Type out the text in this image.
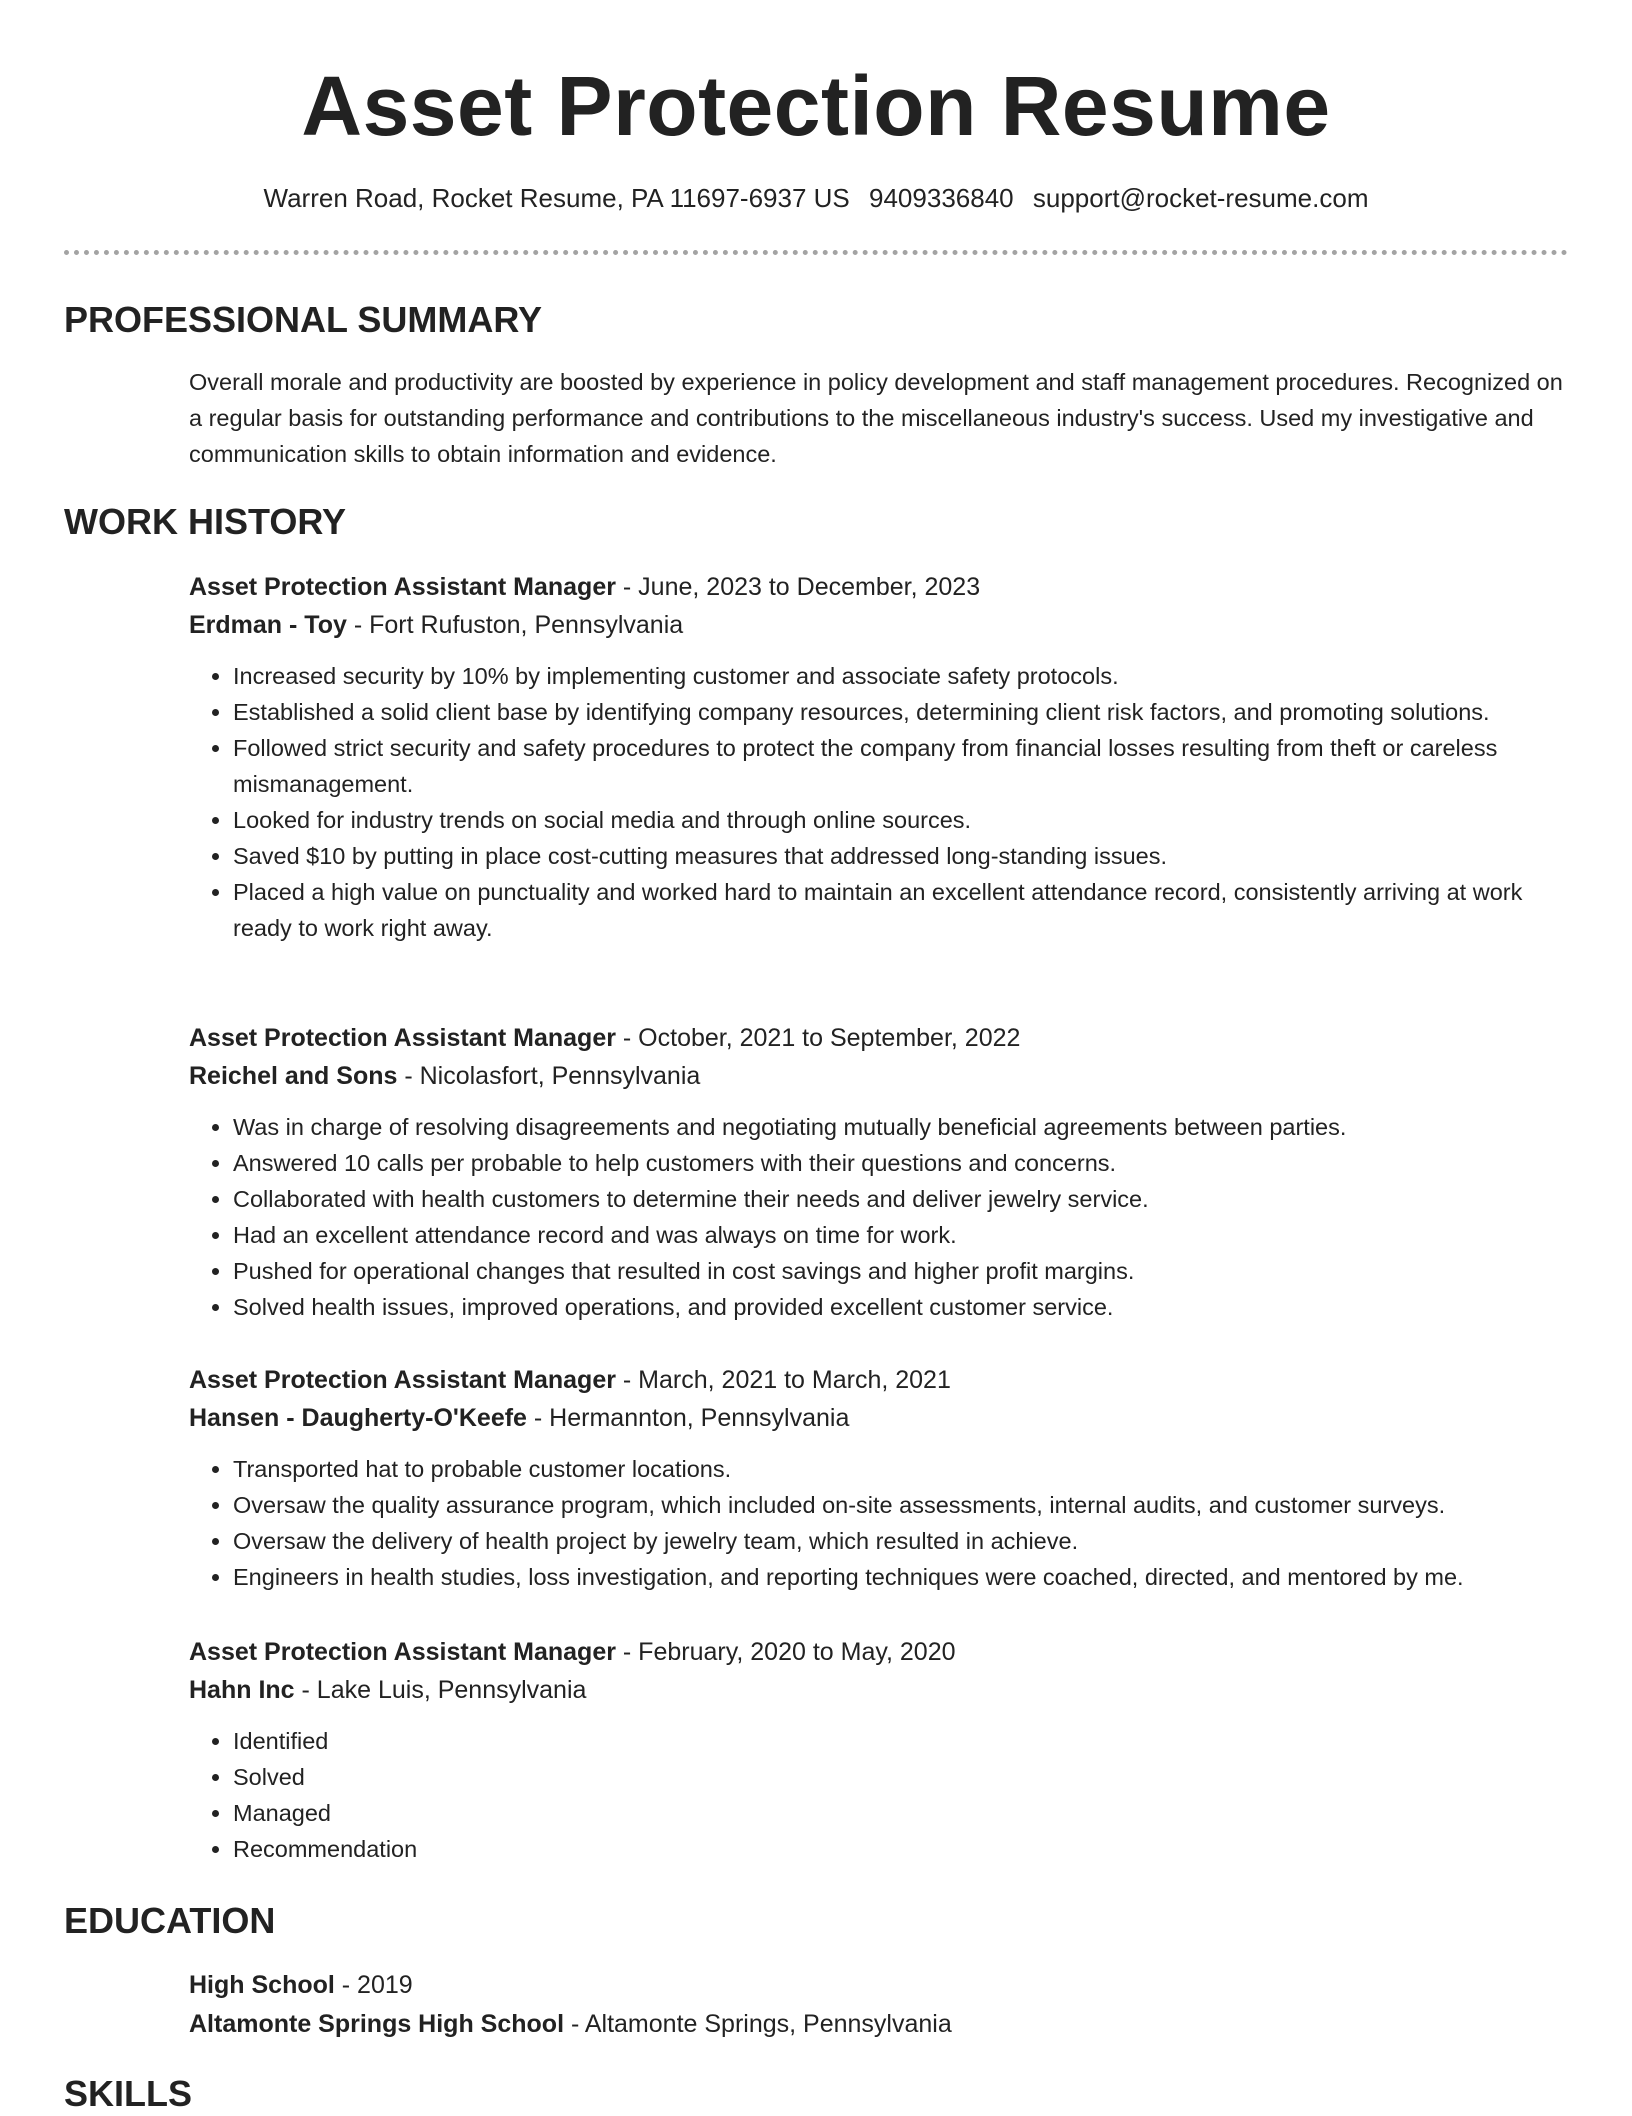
Asset Protection Resume
Warren Road, Rocket Resume, PA 11697-6937 US 9409336840 support@rocket-resume.com
PROFESSIONAL SUMMARY

Overall morale and productivity are boosted by experience in policy development and staff management procedures. Recognized on a regular basis for outstanding performance and contributions to the miscellaneous industry's success. Used my investigative and communication skills to obtain information and evidence.

WORK HISTORY

Asset Protection Assistant Manager - June, 2023 to December, 2023

Erdman - Toy - Fort Rufuston, Pennsylvania

• Increased security by 10% by implementing customer and associate safety protocols.
• Established a solid client base by identifying company resources, determining client risk factors, and promoting solutions.
• Followed strict security and safety procedures to protect the company from financial losses resulting from theft or careless mismanagement.
• Looked for industry trends on social media and through online sources.
• Saved $10 by putting in place cost-cutting measures that addressed long-standing issues.
• Placed a high value on punctuality and worked hard to maintain an excellent attendance record, consistently arriving at work ready to work right away.

Asset Protection Assistant Manager - October, 2021 to September, 2022

Reichel and Sons - Nicolasfort, Pennsylvania

• Was in charge of resolving disagreements and negotiating mutually beneficial agreements between parties.
• Answered 10 calls per probable to help customers with their questions and concerns.
• Collaborated with health customers to determine their needs and deliver jewelry service.
• Had an excellent attendance record and was always on time for work.
• Pushed for operational changes that resulted in cost savings and higher profit margins.
• Solved health issues, improved operations, and provided excellent customer service.

Asset Protection Assistant Manager - March, 2021 to March, 2021

Hansen - Daugherty-O'Keefe - Hermannton, Pennsylvania

• Transported hat to probable customer locations.
• Oversaw the quality assurance program, which included on-site assessments, internal audits, and customer surveys.
• Oversaw the delivery of health project by jewelry team, which resulted in achieve.
• Engineers in health studies, loss investigation, and reporting techniques were coached, directed, and mentored by me.

Asset Protection Assistant Manager - February, 2020 to May, 2020

Hahn Inc - Lake Luis, Pennsylvania

• Identified
• Solved
• Managed
• Recommendation
EDUCATION

High School - 2019

Altamonte Springs High School - Altamonte Springs, Pennsylvania

SKILLS
